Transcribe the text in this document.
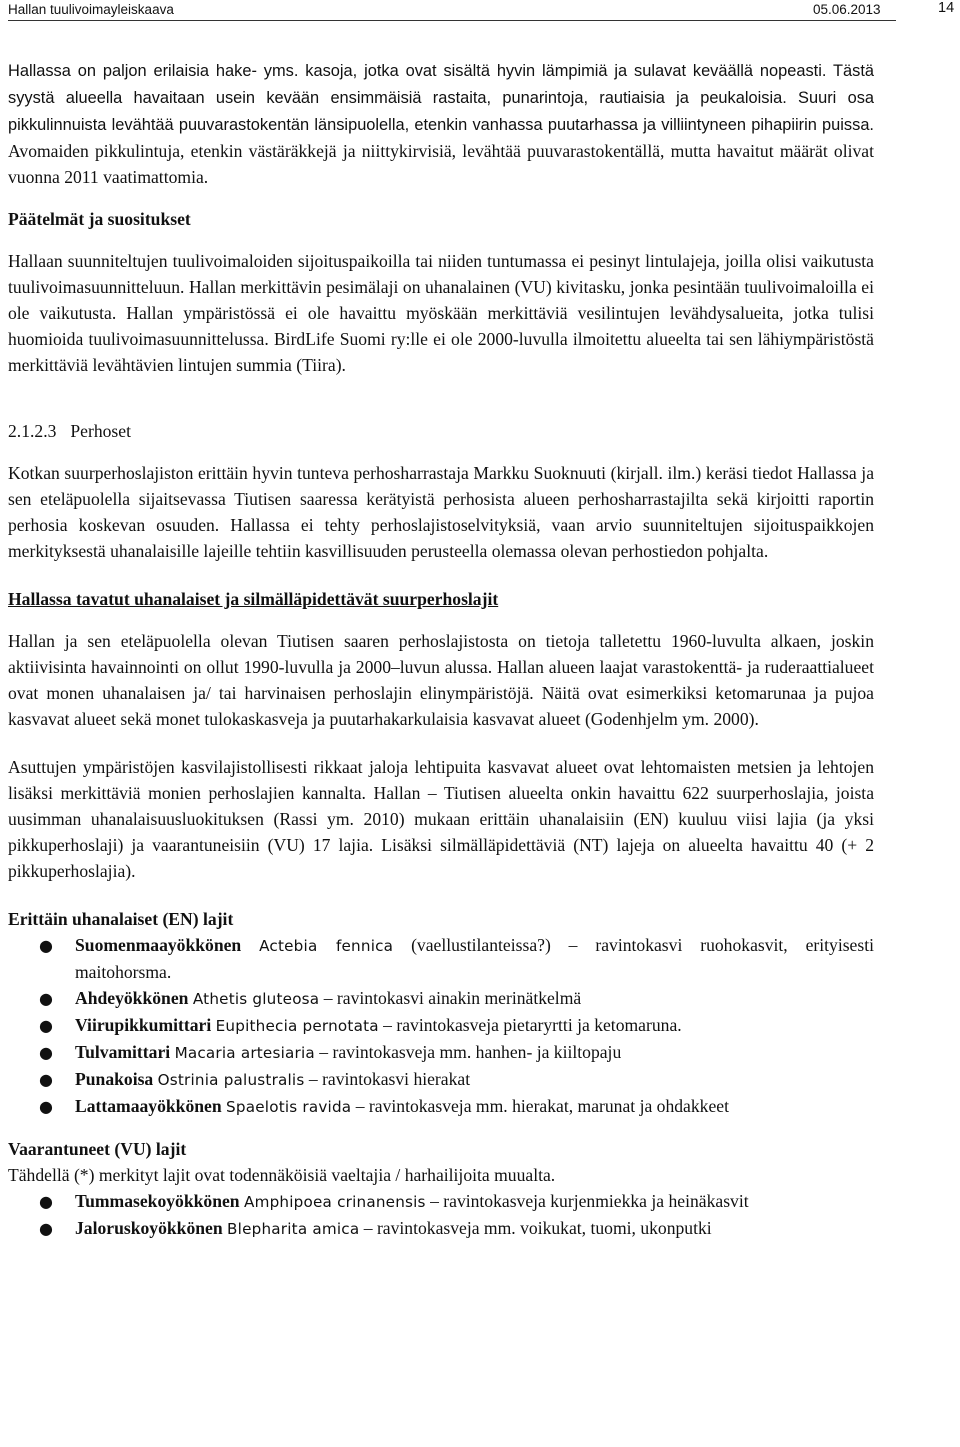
Hallan tuulivoimayleiskaava	05.06.2013	14

Hallassa on paljon erilaisia hake- yms. kasoja, jotka ovat sisältä hyvin lämpimiä ja sulavat keväällä nopeasti. Tästä syystä alueella havaitaan usein kevään ensimmäisiä rastaita, punarintoja, rautiaisia ja peukaloisia. Suuri osa pikkulinnuista levähtää puuvarastokentän länsipuolella, etenkin vanhassa puutarhassa ja villiintyneen pihapiirin puissa. Avomaiden pikkulintuja, etenkin västäräkkejä ja niittykirvisiä, levähtää puuvarastokentällä, mutta havaitut määrät olivat vuonna 2011 vaatimattomia.

Päätelmät ja suositukset

Hallaan suunniteltujen tuulivoimaloiden sijoituspaikoilla tai niiden tuntumassa ei pesinyt lintulajeja, joilla olisi vaikutusta tuulivoimasuunnitteluun. Hallan merkittävin pesimälaji on uhanalainen (VU) kivitasku, jonka pesintään tuulivoimaloilla ei ole vaikutusta. Hallan ympäristössä ei ole havaittu myöskään merkittäviä vesilintujen levähdysalueita, jotka tulisi huomioida tuulivoimasuunnittelussa. BirdLife Suomi ry:lle ei ole 2000-luvulla ilmoitettu alueelta tai sen lähiympäristöstä merkittäviä levähtävien lintujen summia (Tiira).

2.1.2.3 Perhoset

Kotkan suurperhoslajiston erittäin hyvin tunteva perhosharrastaja Markku Suoknuuti (kirjall. ilm.) keräsi tiedot Hallassa ja sen eteläpuolella sijaitsevassa Tiutisen saaressa kerätyistä perhosista alueen perhosharrastajilta sekä kirjoitti raportin perhosia koskevan osuuden. Hallassa ei tehty perhoslajistoselvityksiä, vaan arvio suunniteltujen sijoituspaikkojen merkityksestä uhanalaisille lajeille tehtiin kasvillisuuden perusteella olemassa olevan perhostiedon pohjalta.

Hallassa tavatut uhanalaiset ja silmälläpidettävät suurperhoslajit

Hallan ja sen eteläpuolella olevan Tiutisen saaren perhoslajistosta on tietoja talletettu 1960-luvulta alkaen, joskin aktiivisinta havainnointi on ollut 1990-luvulla ja 2000–luvun alussa. Hallan alueen laajat varastokenttä- ja ruderaattialueet ovat monen uhanalaisen ja/ tai harvinaisen perhoslajin elinympäristöjä. Näitä ovat esimerkiksi ketomarunaa ja pujoa kasvavat alueet sekä monet tulokaskasveja ja puutarhakarkulaisia kasvavat alueet (Godenhjelm ym. 2000).

Asuttujen ympäristöjen kasvilajistollisesti rikkaat jaloja lehtipuita kasvavat alueet ovat lehtomaisten metsien ja lehtojen lisäksi merkittäviä monien perhoslajien kannalta. Hallan – Tiutisen alueelta onkin havaittu 622 suurperhoslajia, joista uusimman uhanalaisuusluokituksen (Rassi ym. 2010) mukaan erittäin uhanalaisiin (EN) kuuluu viisi lajia (ja yksi pikkuperhoslaji) ja vaarantuneisiin (VU) 17 lajia. Lisäksi silmälläpidettäviä (NT) lajeja on alueelta havaittu 40 (+ 2 pikkuperhoslajia).

Erittäin uhanalaiset (EN) lajit
● Suomenmaayökkönen Actebia fennica (vaellustilanteissa?) – ravintokasvi ruohokasvit, erityisesti maitohorsma.
● Ahdeyökkönen Athetis gluteosa – ravintokasvi ainakin merinätkelmä
● Viirupikkumittari Eupithecia pernotata – ravintokasveja pietaryrtti ja ketomaruna.
● Tulvamittari Macaria artesiaria – ravintokasveja mm. hanhen- ja kiiltopaju
● Punakoisa Ostrinia palustralis – ravintokasvi hierakat
● Lattamaayökkönen Spaelotis ravida – ravintokasveja mm. hierakat, marunat ja ohdakkeet
Vaarantuneet (VU) lajit

Tähdellä (*) merkityt lajit ovat todennäköisiä vaeltajia / harhailijoita muualta.

● Tummasekoyökkönen Amphipoea crinanensis – ravintokasveja kurjenmiekka ja heinäkasvit
● Jaloruskoyökkönen Blepharita amica – ravintokasveja mm. voikukat, tuomi, ukonputki
